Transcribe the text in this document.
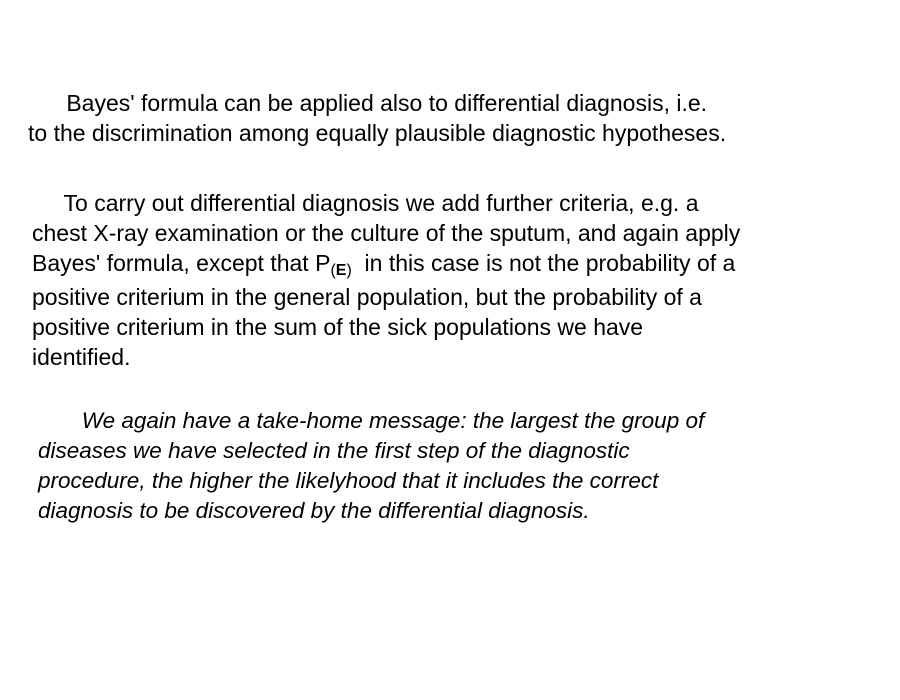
Bayes' formula can be applied also to differential diagnosis, i.e.
to the discrimination among equally plausible diagnostic hypotheses.

To carry out differential diagnosis we add further criteria, e.g. a
chest X-ray examination or the culture of the sputum, and again apply
Bayes' formula, except that P(E)  in this case is not the probability of a
positive criterium in the general population, but the probability of a
positive criterium in the sum of the sick populations we have
identified.

We again have a take-home message: the largest the group of
diseases we have selected in the first step of the diagnostic
procedure, the higher the likelyhood that it includes the correct
diagnosis to be discovered by the differential diagnosis.
